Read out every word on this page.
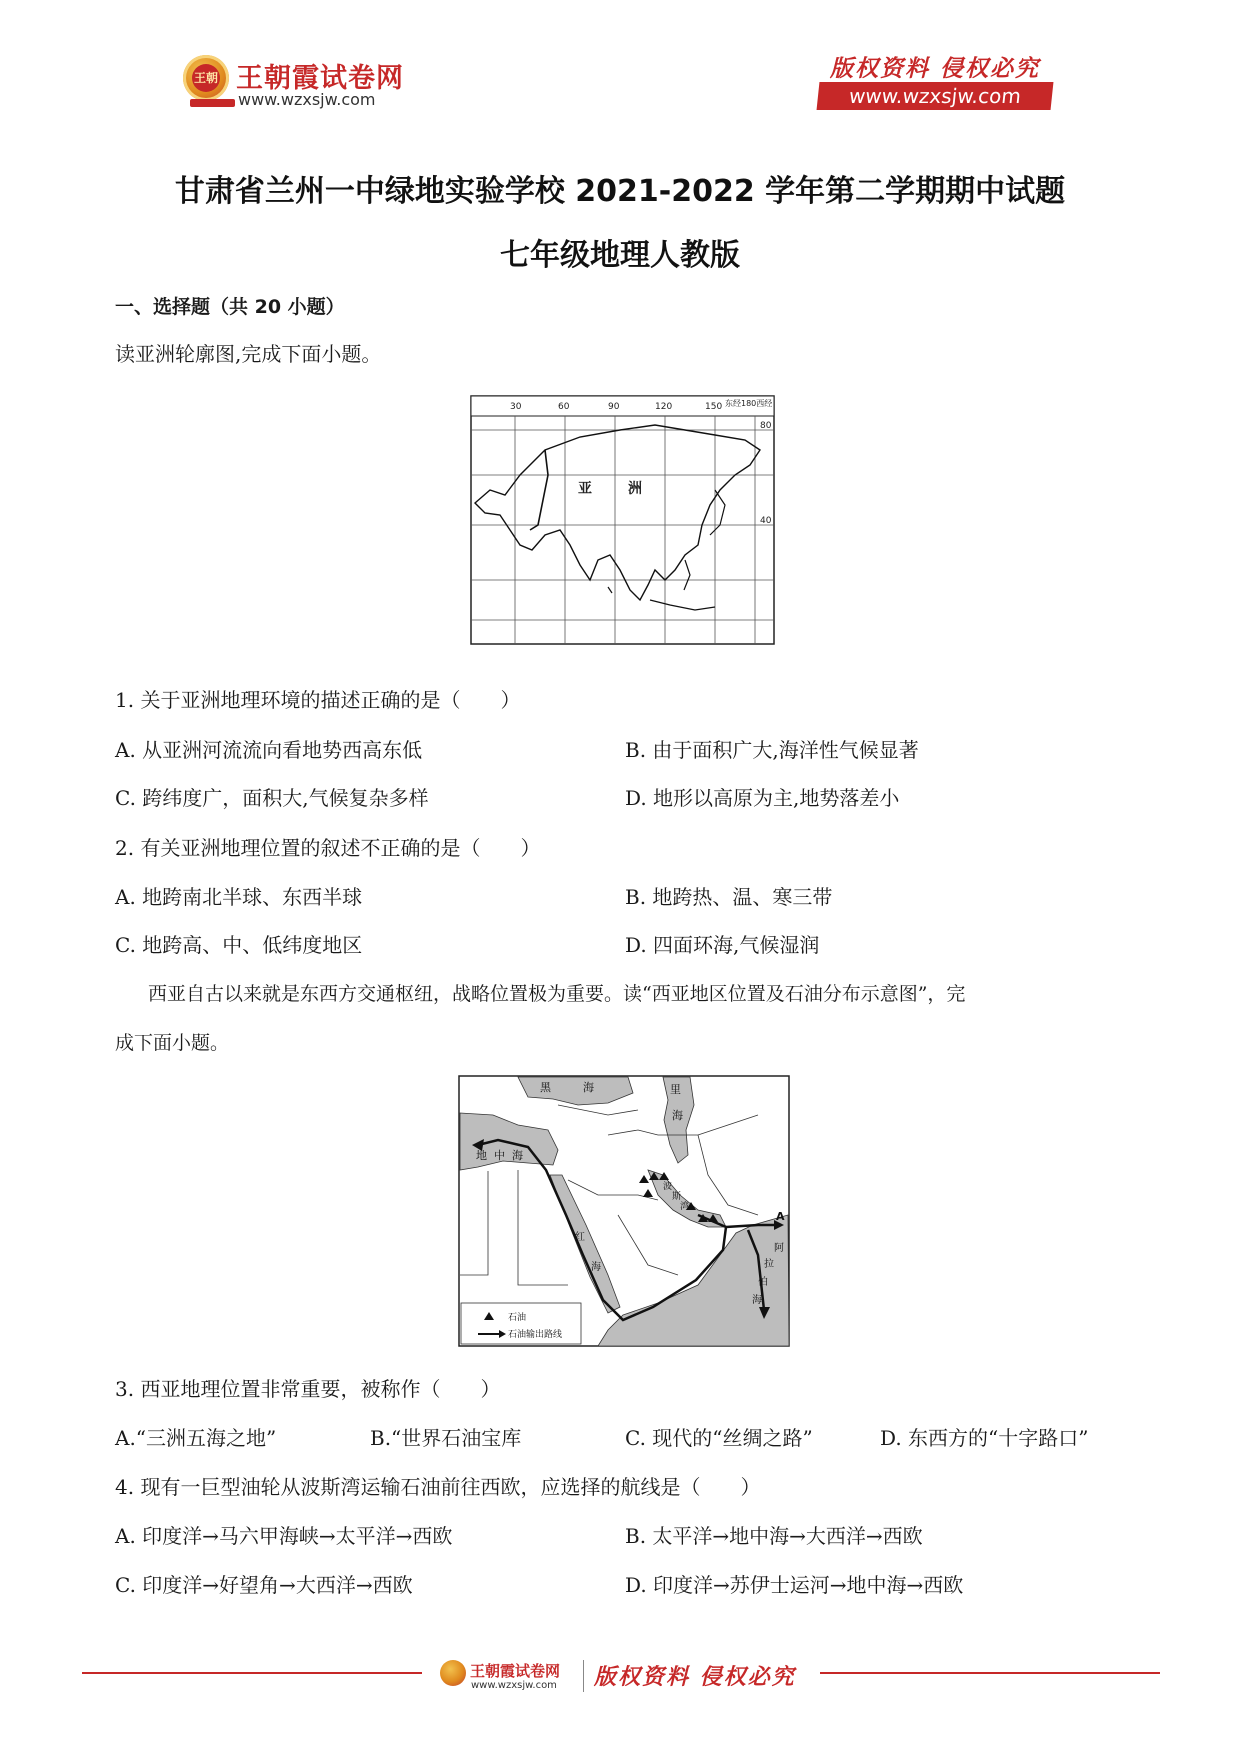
王朝 王朝霞试卷网
www.wzxsjw.com
版权资料 侵权必究
www.wzxsjw.com
甘肃省兰州一中绿地实验学校 2021-2022 学年第二学期期中试题
七年级地理人教版
一、选择题（共 20 小题）
读亚洲轮廓图,完成下面小题。
30	60	90	120	150 东经180西经
80
40
亚	洲
1. 关于亚洲地理环境的描述正确的是（　　）
A. 从亚洲河流流向看地势西高东低	B. 由于面积广大,海洋性气候显著
C. 跨纬度广，面积大,气候复杂多样	D. 地形以高原为主,地势落差小
2. 有关亚洲地理位置的叙述不正确的是（　　）
A. 地跨南北半球、东西半球	B. 地跨热、温、寒三带
C. 地跨高、中、低纬度地区	D. 四面环海,气候湿润
西亚自古以来就是东西方交通枢纽，战略位置极为重要。读“西亚地区位置及石油分布示意图”，完
成下面小题。
黑	海	里
海
地 中 海
波
斯
湾
红
海
阿
拉
伯
海
A
石油
石油输出路线
3. 西亚地理位置非常重要，被称作（　　）
A.“三洲五海之地”	B.“世界石油宝库	C. 现代的“丝绸之路”	D. 东西方的“十字路口”
4. 现有一巨型油轮从波斯湾运输石油前往西欧，应选择的航线是（　　）
A. 印度洋→马六甲海峡→太平洋→西欧	B. 太平洋→地中海→大西洋→西欧
C. 印度洋→好望角→大西洋→西欧	D. 印度洋→苏伊士运河→地中海→西欧
王朝霞试卷网
www.wzxsjw.com 版权资料 侵权必究
